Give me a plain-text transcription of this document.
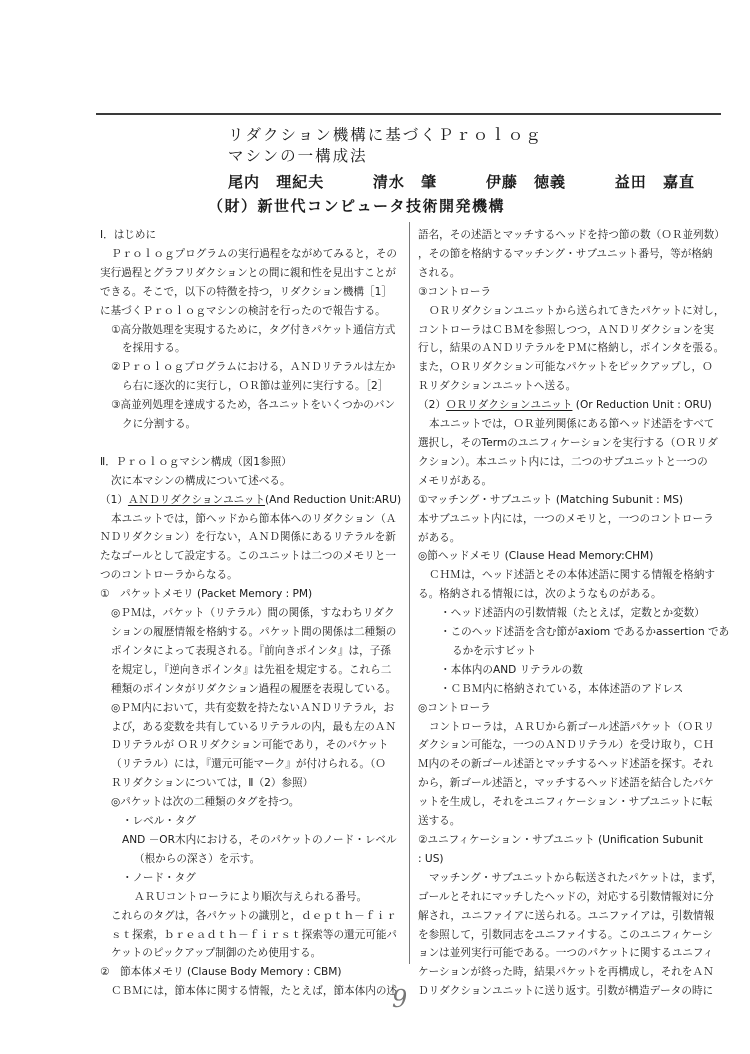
リダクション機構に基づくＰｒｏｌｏｇ
マシンの一構成法
尾内 理紀夫	清水 肇	伊藤 徳義	益田 嘉直
（財）新世代コンピュータ技術開発機構
Ⅰ．はじめに
Ｐｒｏｌｏｇプログラムの実行過程をながめてみると，その
実行過程とグラフリダクションとの間に親和性を見出すことが
できる。そこで，以下の特徴を持つ，リダクション機構［1］
に基づくＰｒｏｌｏｇマシンの検討を行ったので報告する。
①高分散処理を実現するために，タグ付きパケット通信方式
を採用する。
②Ｐｒｏｌｏｇプログラムにおける，ＡＮＤリテラルは左か
ら右に逐次的に実行し，ＯＲ節は並列に実行する。［2］
③高並列処理を達成するため，各ユニットをいくつかのバン
クに分割する。
Ⅱ．Ｐｒｏｌｏｇマシン構成（図1参照）
次に本マシンの構成について述べる。
（1）ＡＮＤリダクションユニット(And Reduction Unit:ARU)
本ユニットでは，節ヘッドから節本体へのリダクション（Ａ
ＮＤリダクション）を行ない，ＡＮＤ関係にあるリテラルを新
たなゴールとして設定する。このユニットは二つのメモリと一
つのコントローラからなる。
①　パケットメモリ (Packet Memory : PM)
◎ＰＭは，パケット（リテラル）間の関係，すなわちリダク
ションの履歴情報を格納する。パケット間の関係は二種類の
ポインタによって表現される。『前向きポインタ』は，子孫
を規定し，『逆向きポインタ』は先祖を規定する。これら二
種類のポインタがリダクション過程の履歴を表現している。
◎ＰＭ内において，共有変数を持たないＡＮＤリテラル，お
よび，ある変数を共有しているリテラルの内，最も左のＡＮ
Ｄリテラルが ＯＲリダクション可能であり，そのパケット
（リテラル）には，『還元可能マーク』が付けられる。（Ｏ
Ｒリダクションについては，Ⅱ（2）参照）
◎パケットは次の二種類のタグを持つ。
・レベル・タグ
AND －OR木内における，そのパケットのノード・レベル
（根からの深さ）を示す。
・ノード・タグ
ＡＲＵコントローラにより順次与えられる番号。
これらのタグは，各パケットの識別と，ｄｅｐｔｈ－ｆｉｒ
ｓｔ探索，ｂｒｅａｄｔｈ－ｆｉｒｓｔ探索等の還元可能パ
ケットのピックアップ制御のため使用する。
②　節本体メモリ (Clause Body Memory : CBM)
ＣＢＭには，節本体に関する情報，たとえば，節本体内の述
語名，その述語とマッチするヘッドを持つ節の数（ＯＲ並列数）
，その節を格納するマッチング・サブユニット番号，等が格納
される。
③コントローラ
ＯＲリダクションユニットから送られてきたパケットに対し，
コントローラはＣＢＭを参照しつつ，ＡＮＤリダクションを実
行し，結果のＡＮＤリテラルをＰＭに格納し，ポインタを張る。
また，ＯＲリダクション可能なパケットをピックアップし，Ｏ
Ｒリダクションユニットへ送る。
（2）ＯＲリダクションユニット (Or Reduction Unit : ORU)
本ユニットでは，ＯＲ並列関係にある節ヘッド述語をすべて
選択し，そのTermのユニフィケーションを実行する（ＯＲリダ
クション）。本ユニット内には，二つのサブユニットと一つの
メモリがある。
①マッチング・サブユニット (Matching Subunit : MS)
本サブユニット内には，一つのメモリと，一つのコントローラ
がある。
◎節ヘッドメモリ (Clause Head Memory:CHM)
ＣＨＭは，ヘッド述語とその本体述語に関する情報を格納す
る。格納される情報には，次のようなものがある。
・ヘッド述語内の引数情報（たとえば，定数とか変数）
・このヘッド述語を含む節がaxiom であるかassertion であ
るかを示すビット
・本体内のAND リテラルの数
・ＣＢＭ内に格納されている，本体述語のアドレス
◎コントローラ
コントローラは，ＡＲＵから新ゴール述語パケット（ＯＲリ
ダクション可能な，一つのＡＮＤリテラル）を受け取り，ＣＨ
Ｍ内のその新ゴール述語とマッチするヘッド述語を探す。それ
から，新ゴール述語と，マッチするヘッド述語を結合したパケ
ットを生成し，それをユニフィケーション・サブユニットに転
送する。
②ユニフィケーション・サブユニット (Unification Subunit
: US)
マッチング・サブユニットから転送されたパケットは，まず，
ゴールとそれにマッチしたヘッドの，対応する引数情報対に分
解され，ユニファイアに送られる。ユニファイアは，引数情報
を参照して，引数同志をユニファイする。このユニフィケーシ
ョンは並列実行可能である。一つのパケットに関するユニフィ
ケーションが終った時，結果パケットを再構成し，それをＡＮ
Ｄリダクションユニットに送り返す。引数が構造データの時に
9
